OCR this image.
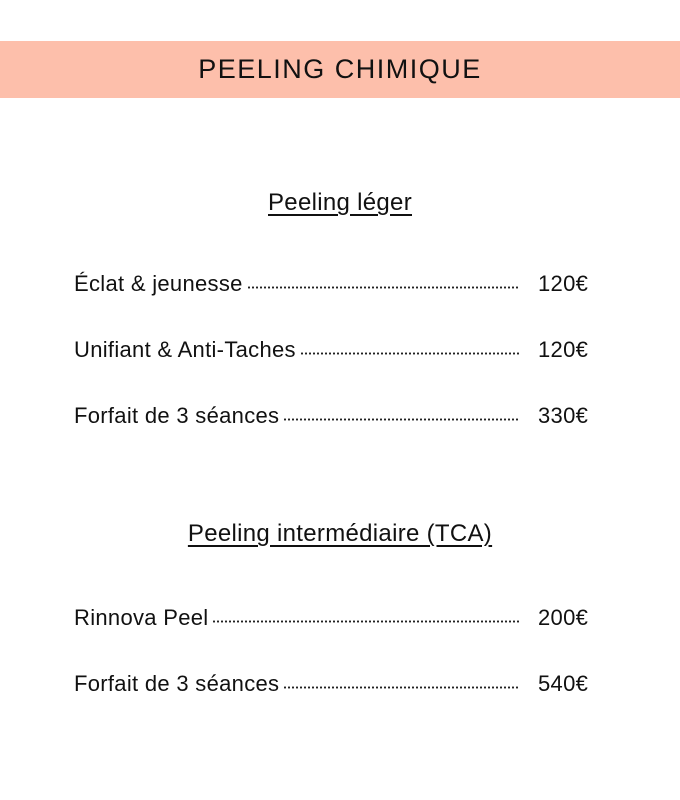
PEELING CHIMIQUE
Peeling léger
Éclat & jeunesse	120€
Unifiant & Anti-Taches	120€
Forfait de 3 séances	330€
Peeling intermédiaire (TCA)
Rinnova Peel	200€
Forfait de 3 séances	540€
